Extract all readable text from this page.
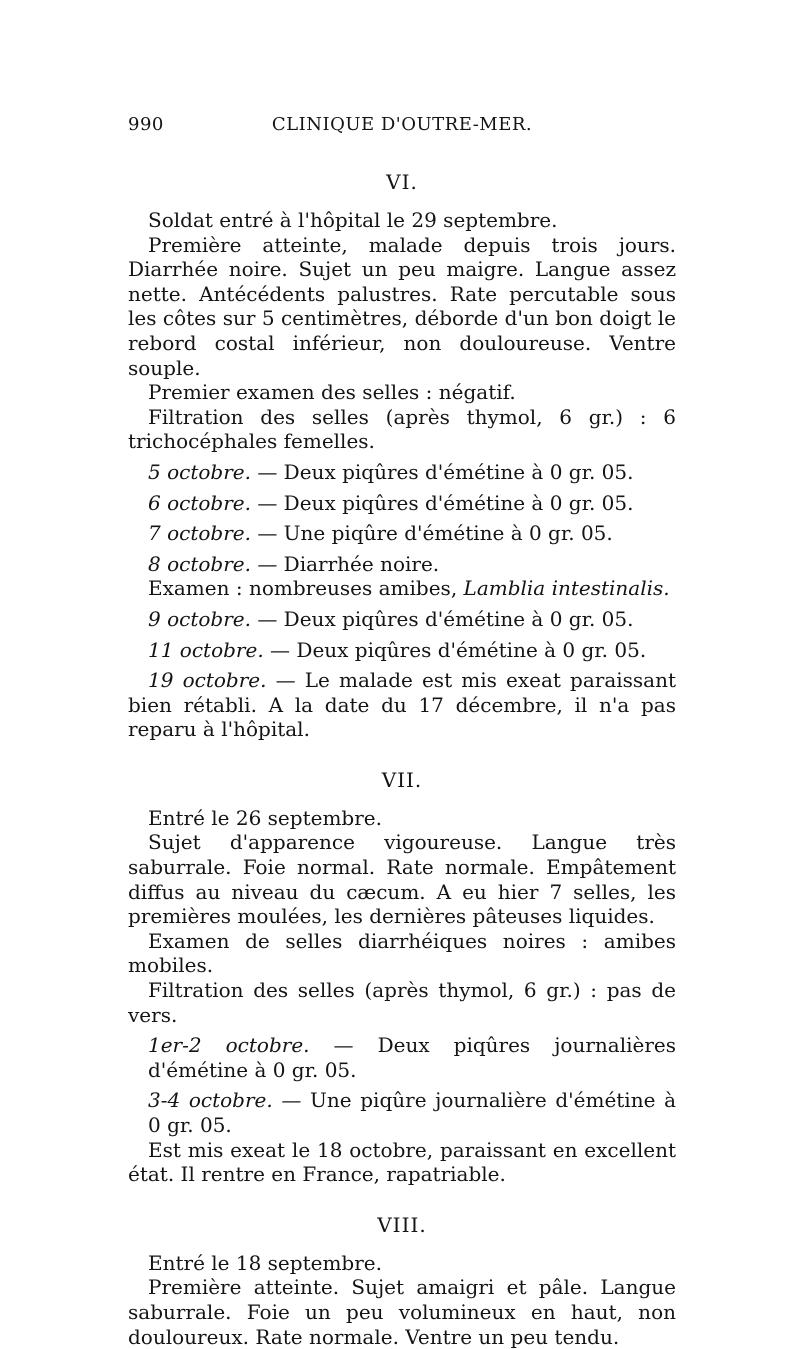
990	CLINIQUE D'OUTRE-MER.
VI.

Soldat entré à l'hôpital le 29 septembre.

Première atteinte, malade depuis trois jours. Diarrhée noire. Sujet un peu maigre. Langue assez nette. Antécédents palustres. Rate percutable sous les côtes sur 5 centimètres, déborde d'un bon doigt le rebord costal inférieur, non douloureuse. Ventre souple.

Premier examen des selles : négatif.

Filtration des selles (après thymol, 6 gr.) : 6 trichocéphales femelles.

5 octobre. — Deux piqûres d'émétine à 0 gr. 05.

6 octobre. — Deux piqûres d'émétine à 0 gr. 05.

7 octobre. — Une piqûre d'émétine à 0 gr. 05.

8 octobre. — Diarrhée noire.

Examen : nombreuses amibes, Lamblia intestinalis.

9 octobre. — Deux piqûres d'émétine à 0 gr. 05.

11 octobre. — Deux piqûres d'émétine à 0 gr. 05.

19 octobre. — Le malade est mis exeat paraissant bien rétabli. A la date du 17 décembre, il n'a pas reparu à l'hôpital.

VII.

Entré le 26 septembre.

Sujet d'apparence vigoureuse. Langue très saburrale. Foie normal. Rate normale. Empâtement diffus au niveau du cæcum. A eu hier 7 selles, les premières moulées, les dernières pâteuses liquides.

Examen de selles diarrhéiques noires : amibes mobiles.

Filtration des selles (après thymol, 6 gr.) : pas de vers.

1er-2 octobre. — Deux piqûres journalières d'émétine à 0 gr. 05.

3-4 octobre. — Une piqûre journalière d'émétine à 0 gr. 05.

Est mis exeat le 18 octobre, paraissant en excellent état. Il rentre en France, rapatriable.

VIII.

Entré le 18 septembre.

Première atteinte. Sujet amaigri et pâle. Langue saburrale. Foie un peu volumineux en haut, non douloureux. Rate normale. Ventre un peu tendu.
